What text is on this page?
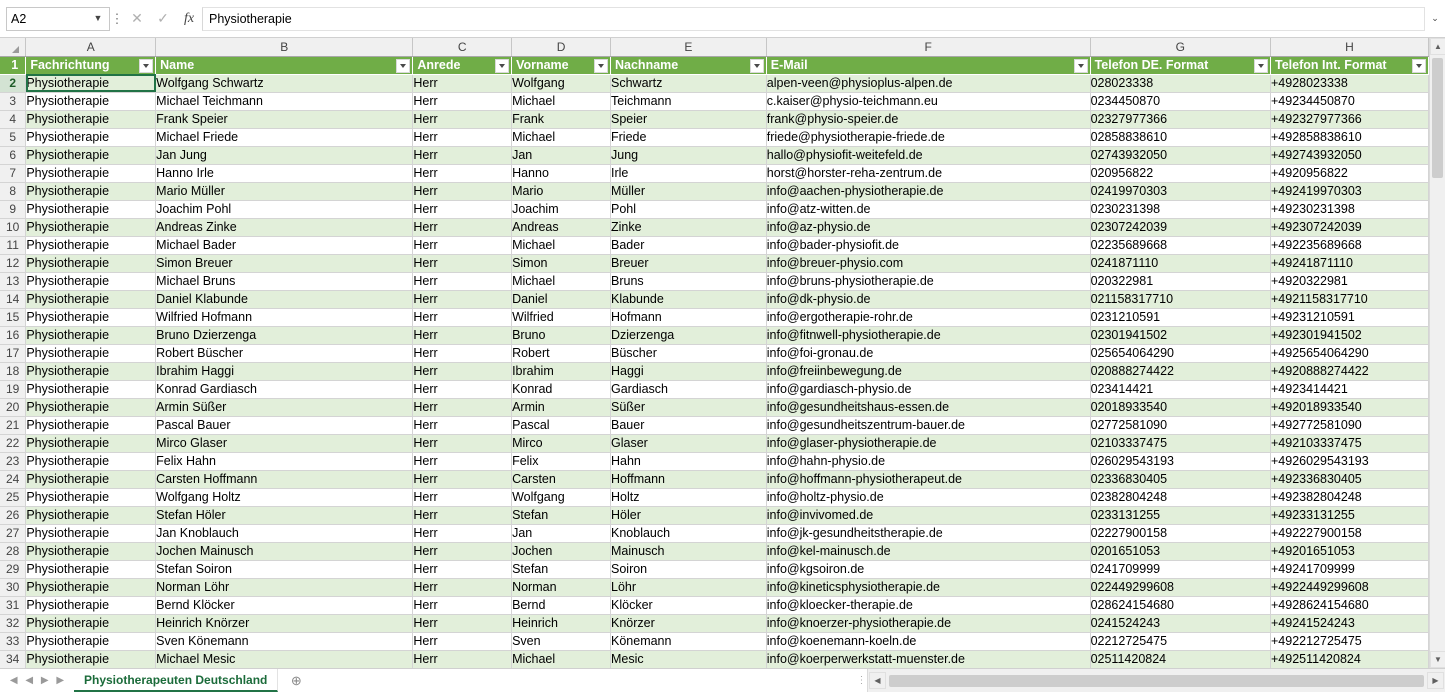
A2	▼ ⋮ ✕	✓	fx	Physiotherapie	⌄
	A	B	C	D	E	F	G	H
1	Fachrichtung	Name	Anrede	Vorname	Nachname	E-Mail	Telefon DE. Format	Telefon Int. Format

2	Physiotherapie	Wolfgang Schwartz	Herr	Wolfgang	Schwartz	alpen-veen@physioplus-alpen.de	028023338	+4928023338
3	Physiotherapie	Michael Teichmann	Herr	Michael	Teichmann	c.kaiser@physio-teichmann.eu	0234450870	+49234450870
4	Physiotherapie	Frank Speier	Herr	Frank	Speier	frank@physio-speier.de	02327977366	+492327977366
5	Physiotherapie	Michael Friede	Herr	Michael	Friede	friede@physiotherapie-friede.de	02858838610	+492858838610
6	Physiotherapie	Jan Jung	Herr	Jan	Jung	hallo@physiofit-weitefeld.de	02743932050	+492743932050
7	Physiotherapie	Hanno Irle	Herr	Hanno	Irle	horst@horster-reha-zentrum.de	020956822	+4920956822
8	Physiotherapie	Mario Müller	Herr	Mario	Müller	info@aachen-physiotherapie.de	02419970303	+492419970303
9	Physiotherapie	Joachim Pohl	Herr	Joachim	Pohl	info@atz-witten.de	0230231398	+49230231398
10	Physiotherapie	Andreas Zinke	Herr	Andreas	Zinke	info@az-physio.de	02307242039	+492307242039
11	Physiotherapie	Michael Bader	Herr	Michael	Bader	info@bader-physiofit.de	02235689668	+492235689668
12	Physiotherapie	Simon Breuer	Herr	Simon	Breuer	info@breuer-physio.com	0241871110	+49241871110
13	Physiotherapie	Michael Bruns	Herr	Michael	Bruns	info@bruns-physiotherapie.de	020322981	+4920322981
14	Physiotherapie	Daniel Klabunde	Herr	Daniel	Klabunde	info@dk-physio.de	021158317710	+4921158317710
15	Physiotherapie	Wilfried Hofmann	Herr	Wilfried	Hofmann	info@ergotherapie-rohr.de	0231210591	+49231210591
16	Physiotherapie	Bruno Dzierzenga	Herr	Bruno	Dzierzenga	info@fitnwell-physiotherapie.de	02301941502	+492301941502
17	Physiotherapie	Robert Büscher	Herr	Robert	Büscher	info@foi-gronau.de	025654064290	+4925654064290
18	Physiotherapie	Ibrahim Haggi	Herr	Ibrahim	Haggi	info@freiinbewegung.de	020888274422	+4920888274422
19	Physiotherapie	Konrad Gardiasch	Herr	Konrad	Gardiasch	info@gardiasch-physio.de	023414421	+4923414421
20	Physiotherapie	Armin Süßer	Herr	Armin	Süßer	info@gesundheitshaus-essen.de	02018933540	+492018933540
21	Physiotherapie	Pascal Bauer	Herr	Pascal	Bauer	info@gesundheitszentrum-bauer.de	02772581090	+492772581090
22	Physiotherapie	Mirco Glaser	Herr	Mirco	Glaser	info@glaser-physiotherapie.de	02103337475	+492103337475
23	Physiotherapie	Felix Hahn	Herr	Felix	Hahn	info@hahn-physio.de	026029543193	+4926029543193
24	Physiotherapie	Carsten Hoffmann	Herr	Carsten	Hoffmann	info@hoffmann-physiotherapeut.de	02336830405	+492336830405
25	Physiotherapie	Wolfgang Holtz	Herr	Wolfgang	Holtz	info@holtz-physio.de	02382804248	+492382804248
26	Physiotherapie	Stefan Höler	Herr	Stefan	Höler	info@invivomed.de	0233131255	+49233131255
27	Physiotherapie	Jan Knoblauch	Herr	Jan	Knoblauch	info@jk-gesundheitstherapie.de	02227900158	+492227900158
28	Physiotherapie	Jochen Mainusch	Herr	Jochen	Mainusch	info@kel-mainusch.de	0201651053	+49201651053
29	Physiotherapie	Stefan Soiron	Herr	Stefan	Soiron	info@kgsoiron.de	0241709999	+49241709999
30	Physiotherapie	Norman Löhr	Herr	Norman	Löhr	info@kineticsphysiotherapie.de	022449299608	+4922449299608
31	Physiotherapie	Bernd Klöcker	Herr	Bernd	Klöcker	info@kloecker-therapie.de	028624154680	+4928624154680
32	Physiotherapie	Heinrich Knörzer	Herr	Heinrich	Knörzer	info@knoerzer-physiotherapie.de	0241524243	+49241524243
33	Physiotherapie	Sven Könemann	Herr	Sven	Könemann	info@koenemann-koeln.de	02212725475	+492212725475
34	Physiotherapie	Michael Mesic	Herr	Michael	Mesic	info@koerperwerkstatt-muenster.de	02511420824	+492511420824
▲
▼
◀ ◀ ▶ ▶	Physiotherapeuten Deutschland	⊕	⋮	◀	▶
